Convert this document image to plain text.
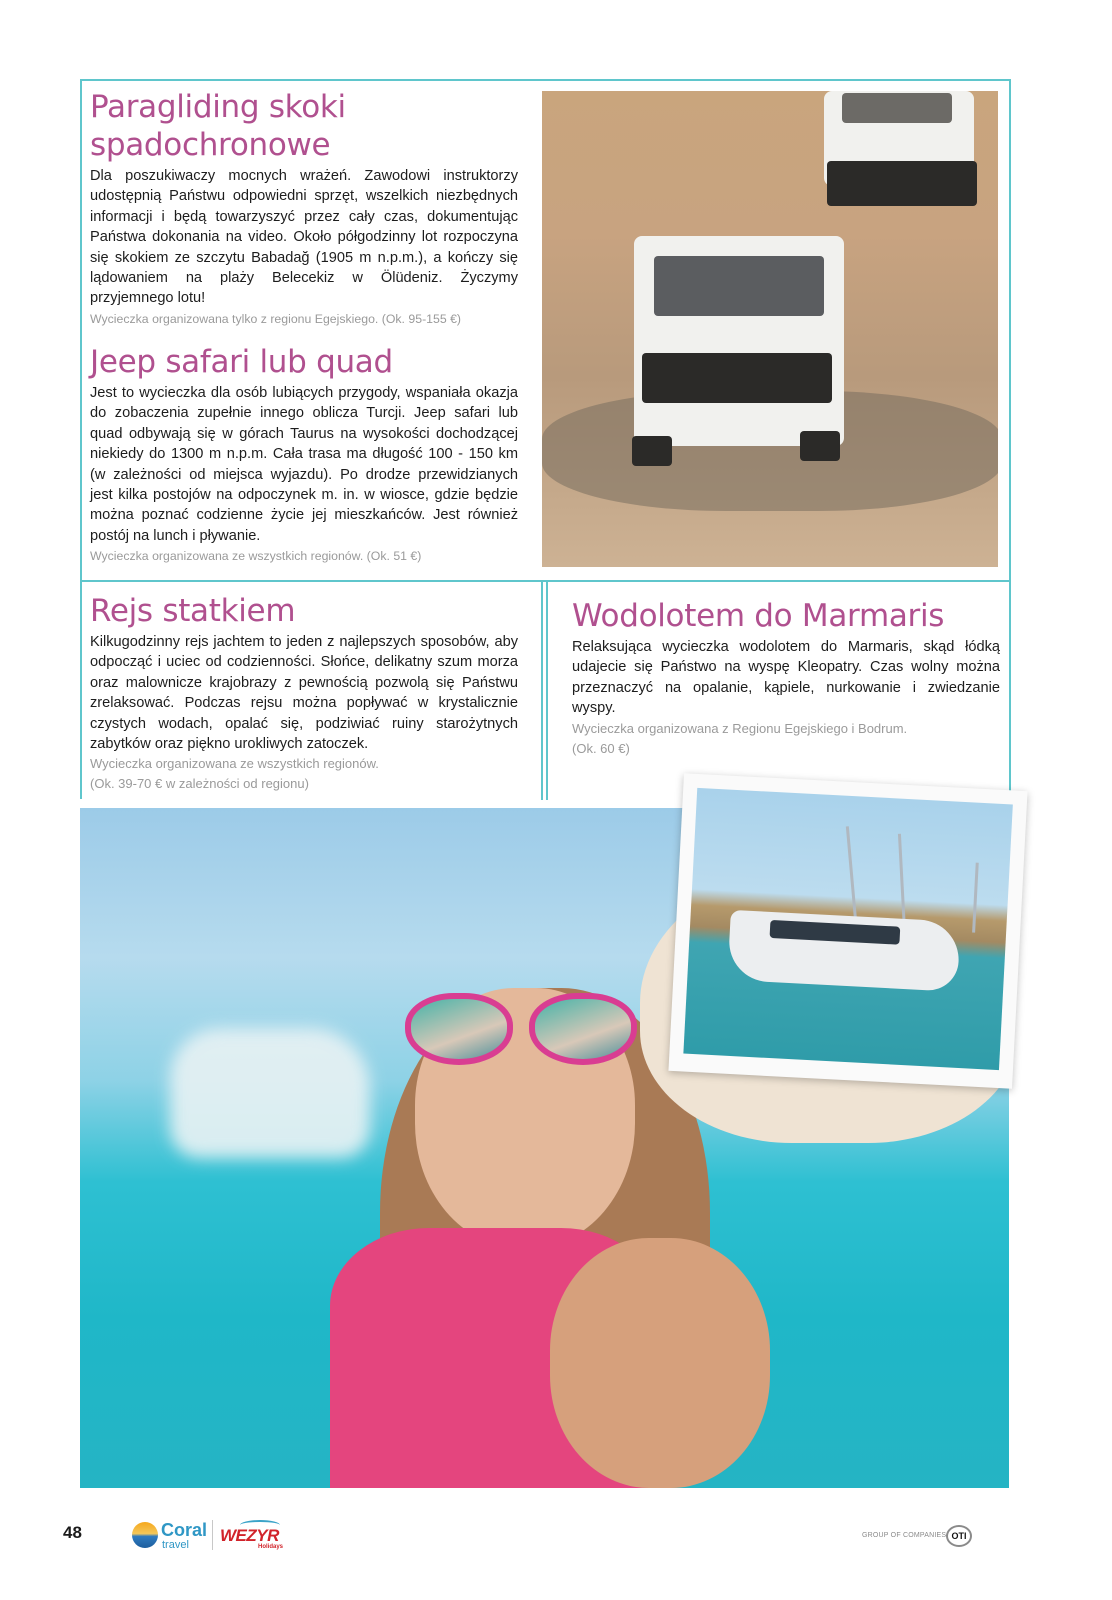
Paragliding skoki
spadochronowe

Dla poszukiwaczy mocnych wrażeń. Zawodowi instruktorzy udostępnią Państwu odpowiedni sprzęt, wszelkich niezbędnych informacji i będą towarzyszyć przez cały czas, dokumentując Państwa dokonania na video. Około półgodzinny lot rozpoczyna się skokiem ze szczytu Babadağ (1905 m n.p.m.), a kończy się lądowaniem na plaży Belecekiz w Ölüdeniz. Życzymy przyjemnego lotu!

Wycieczka organizowana tylko z regionu Egejskiego. (Ok. 95-155 €)

Jeep safari lub quad

Jest to wycieczka dla osób lubiących przygody, wspaniała okazja do zobaczenia zupełnie innego oblicza Turcji. Jeep safari lub quad odbywają się w górach Taurus na wysokości dochodzącej niekiedy do 1300 m n.p.m. Cała trasa ma długość 100 - 150 km (w zależności od miejsca wyjazdu). Po drodze przewidzianych jest kilka postojów na odpoczynek m. in. w wiosce, gdzie będzie można poznać codzienne życie jej mieszkańców. Jest również postój na lunch i pływanie.

Wycieczka organizowana ze wszystkich regionów. (Ok. 51 €)

Rejs statkiem

Kilkugodzinny rejs jachtem to jeden z najlepszych sposobów, aby odpocząć i uciec od codzienności. Słońce, delikatny szum morza oraz malownicze krajobrazy z pewnością pozwolą się Państwu zrelaksować. Podczas rejsu można popływać w krystalicznie czystych wodach, opalać się, podziwiać ruiny starożytnych zabytków oraz piękno urokliwych zatoczek.

Wycieczka organizowana ze wszystkich regionów.

(Ok. 39-70 € w zależności od regionu)

Wodolotem do Marmaris

Relaksująca wycieczka wodolotem do Marmaris, skąd łódką udajecie się Państwo na wyspę Kleopatry. Czas wolny można przeznaczyć na opalanie, kąpiele, nurkowanie i zwiedzanie wyspy.

Wycieczka organizowana z Regionu Egejskiego i Bodrum.

(Ok. 60 €)

48	Coral
travel WEZYR
Holidays
GROUP OF COMPANIES OTI
